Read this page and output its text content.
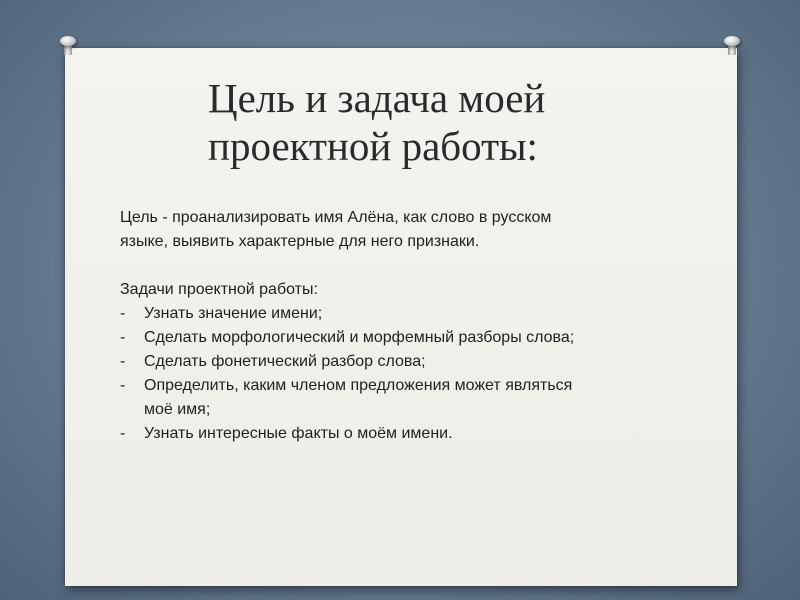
Цель и задача моей
проектной работы:

Цель - проанализировать имя Алёна, как слово в русском
языке, выявить характерные для него признаки.

Задачи проектной работы:

- Узнать значение имени;
- Сделать морфологический и морфемный разборы слова;
- Сделать фонетический разбор слова;
- Определить, каким членом предложения может являться
моё имя;
- Узнать интересные факты о моём имени.
